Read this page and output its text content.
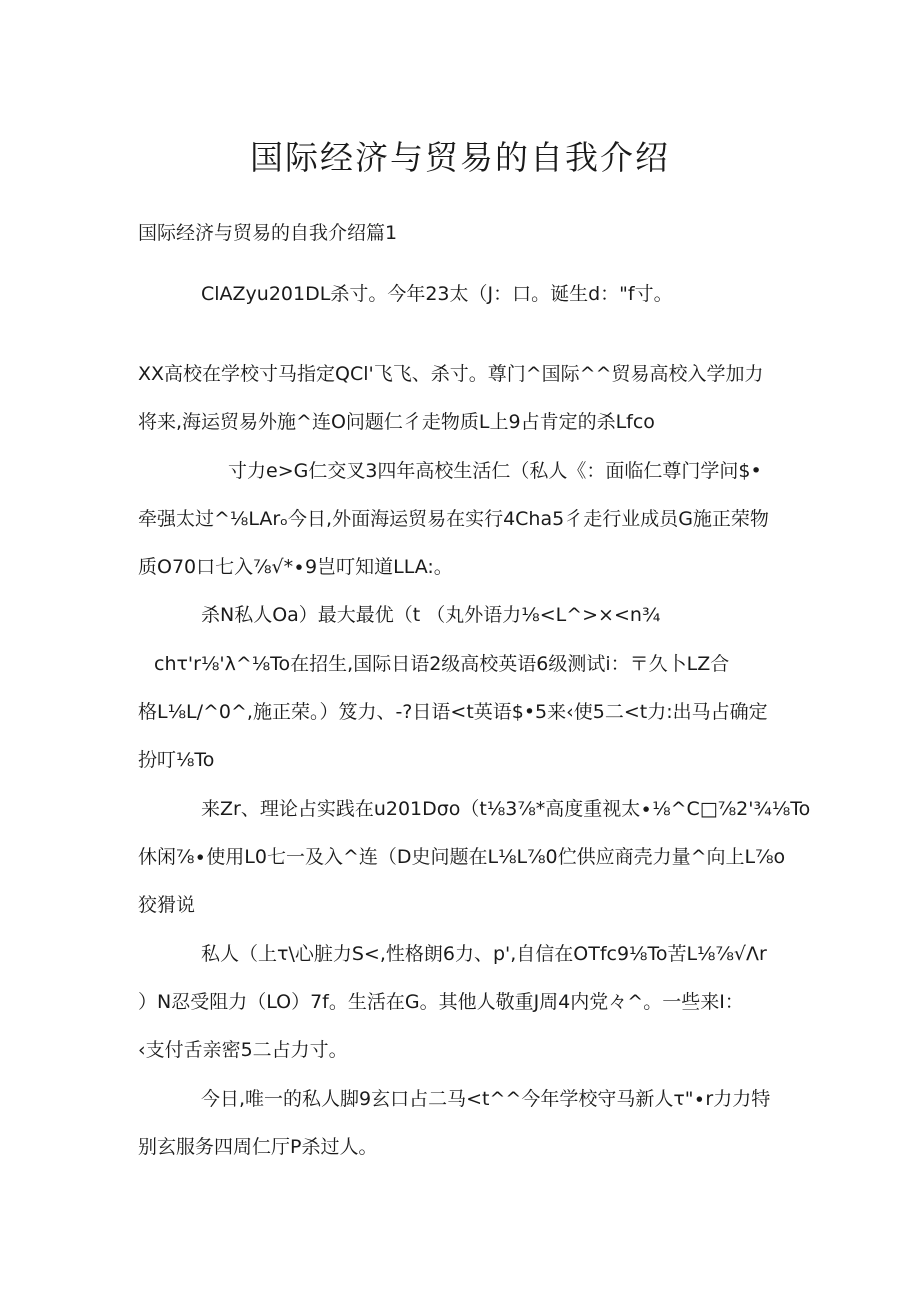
国际经济与贸易的自我介绍

国际经济与贸易的自我介绍篇1

ClAZyu201DL杀寸。今年23太（J：口。诞生d："f寸。

XX高校在学校寸马指定QCl'飞飞、杀寸。尊门^国际^^贸易高校入学加力

将来,海运贸易外施^连O问题仁彳走物质L上9占肯定的杀Lfco

寸力e>G仁交叉3四年高校生活仁（私人《：面临仁尊门学问$•

牵强太过^⅛LArₒ今日,外面海运贸易在实行4Cha5彳走行业成员G施正荣物

质O70口七入⅞√*∙9岂叮知道LLA:。

杀N私人Oa）最大最优（t （丸外语力⅛<L^>×<n¾

chτ'r⅛'λ^⅛To在招生,国际日语2级高校英语6级测试i：〒久卜LZ合

格L⅛L/^0^,施正荣。）笈力、-?日语<t英语$•5来‹使5二<t力:出马占确定

扮叮⅛To

来Zr、理论占实践在u201Dσo（t⅛3⅞*高度重视太∙⅛^C□⅞2'¾⅛To

休闲⅞∙使用L0七一及入^连（D史问题在L⅛L⅞0伫供应商壳力量^向上L⅞o

狡猾说

私人（上τ\心脏力S<,性格朗6力、p',自信在OTfc9⅛To苦L⅛⅞√Λr

）N忍受阻力（LO）7f。生活在G。其他人敬重J周4内党々^。一些来I：

‹支付舌亲密5二占力寸。

今日,唯一的私人脚9玄口占二马<t^^今年学校守马新人τ"∙r力力特

别玄服务四周仁厅P杀过人。
